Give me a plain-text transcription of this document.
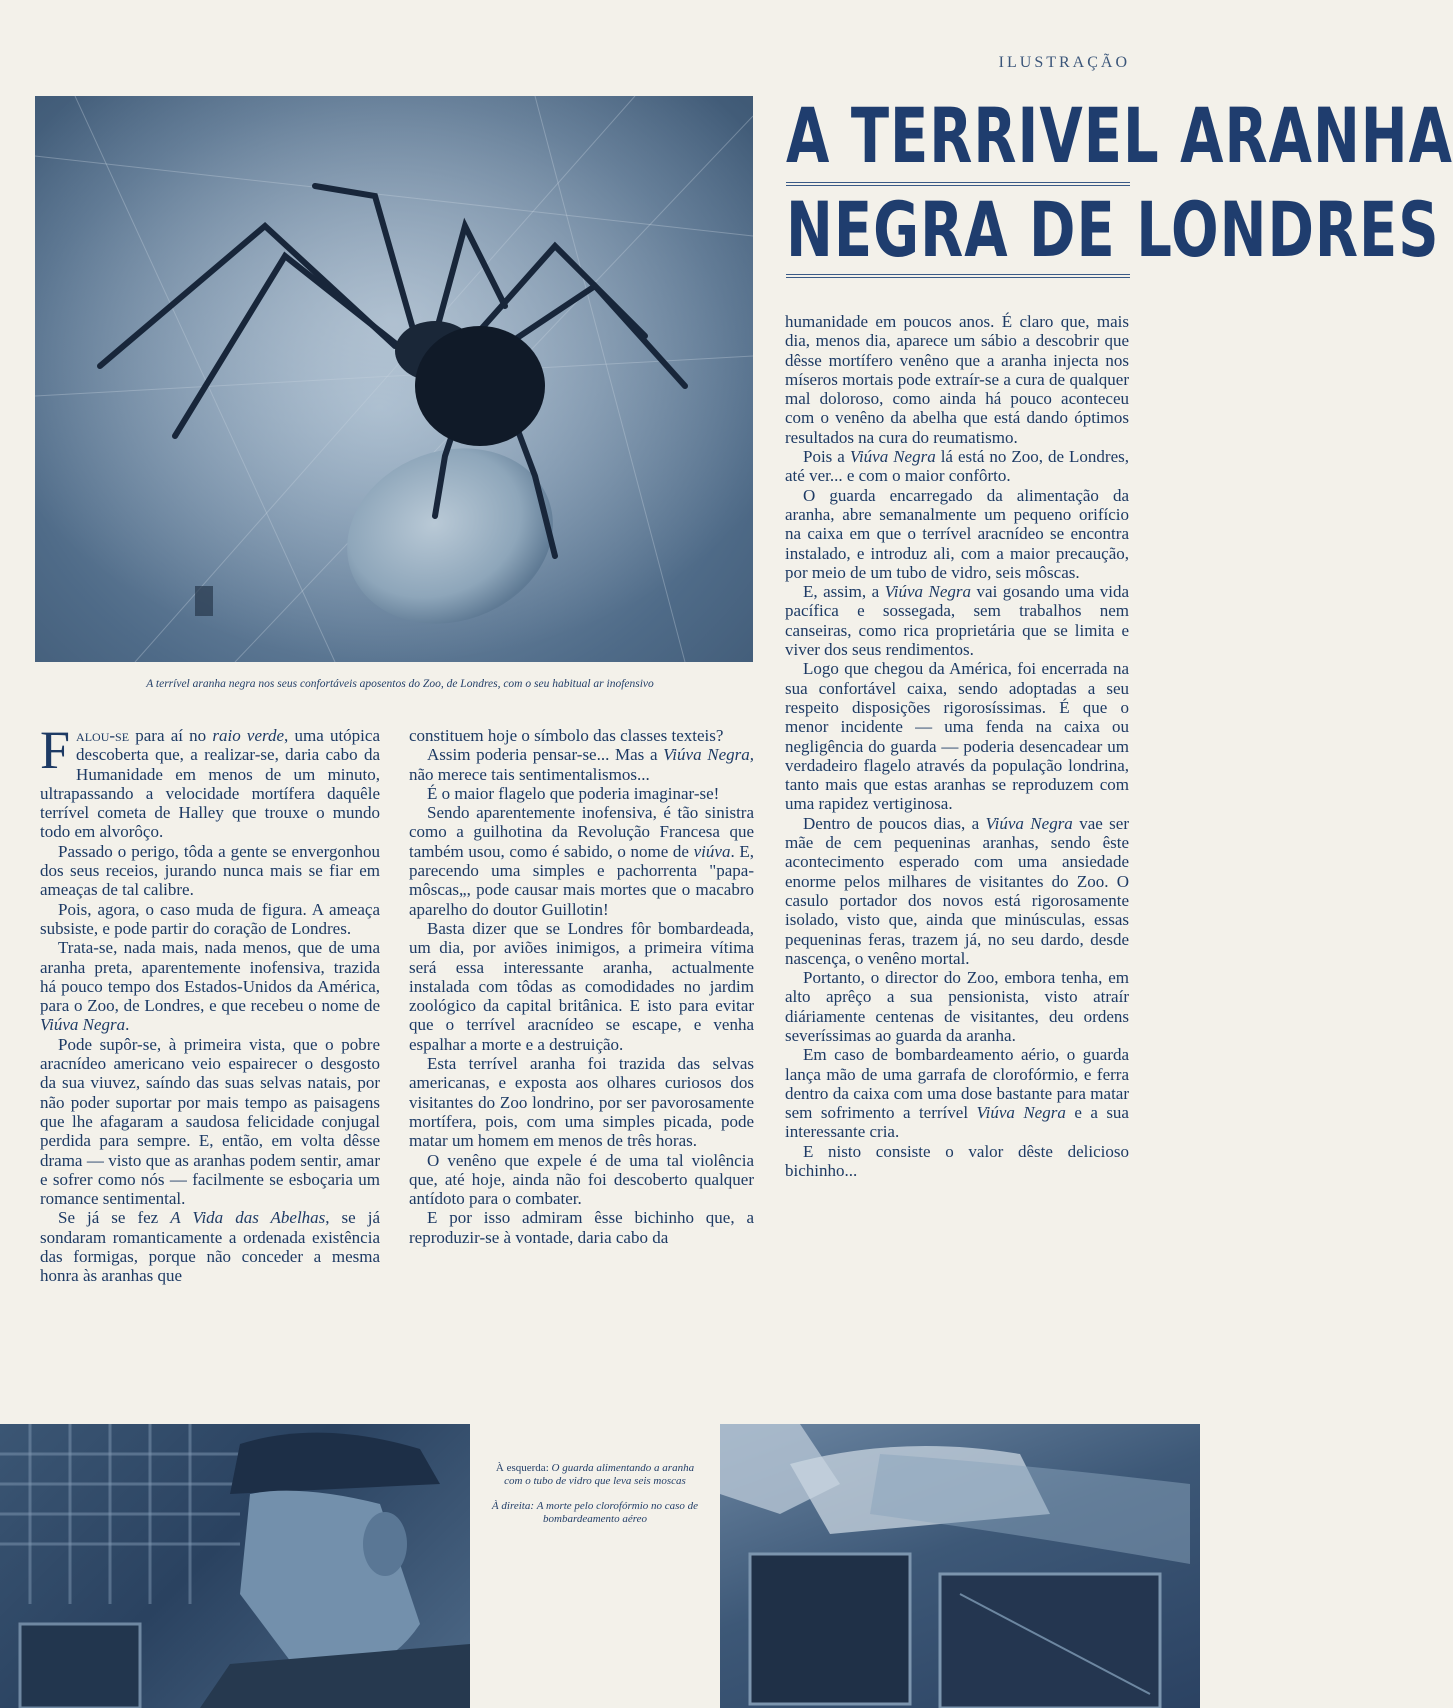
ILUSTRAÇÃO
A terrível aranha negra nos seus confortáveis aposentos do Zoo, de Londres, com o seu habitual ar inofensivo
A TERRIVEL ARANHA
NEGRA DE LONDRES

Falou-se para aí no raio verde, uma utópica descoberta que, a realizar-se, daria cabo da Humanidade em menos de um minuto, ultrapassando a velocidade mortífera daquêle terrível cometa de Halley que trouxe o mundo todo em alvorôço.

Passado o perigo, tôda a gente se envergonhou dos seus receios, jurando nunca mais se fiar em ameaças de tal calibre.

Pois, agora, o caso muda de figura. A ameaça subsiste, e pode partir do coração de Londres.

Trata-se, nada mais, nada menos, que de uma aranha preta, aparentemente inofensiva, trazida há pouco tempo dos Estados-Unidos da América, para o Zoo, de Londres, e que recebeu o nome de Viúva Negra.

Pode supôr-se, à primeira vista, que o pobre aracnídeo americano veio espairecer o desgosto da sua viuvez, saíndo das suas selvas natais, por não poder suportar por mais tempo as paisagens que lhe afagaram a saudosa felicidade conjugal perdida para sempre. E, então, em volta dêsse drama — visto que as aranhas podem sentir, amar e sofrer como nós — facilmente se esboçaria um romance sentimental.

Se já se fez A Vida das Abelhas, se já sondaram romanticamente a ordenada existência das formigas, porque não conceder a mesma honra às aranhas que

constituem hoje o símbolo das classes texteis?

Assim poderia pensar-se... Mas a Viúva Negra, não merece tais sentimentalismos...

É o maior flagelo que poderia imaginar-se!

Sendo aparentemente inofensiva, é tão sinistra como a guilhotina da Revolução Francesa que também usou, como é sabido, o nome de viúva. E, parecendo uma simples e pachorrenta "papa-môscas„, pode causar mais mortes que o macabro aparelho do doutor Guillotin!

Basta dizer que se Londres fôr bombardeada, um dia, por aviões inimigos, a primeira vítima será essa interessante aranha, actualmente instalada com tôdas as comodidades no jardim zoológico da capital britânica. E isto para evitar que o terrível aracnídeo se escape, e venha espalhar a morte e a destruição.

Esta terrível aranha foi trazida das selvas americanas, e exposta aos olhares curiosos dos visitantes do Zoo londrino, por ser pavorosamente mortífera, pois, com uma simples picada, pode matar um homem em menos de três horas.

O venêno que expele é de uma tal violência que, até hoje, ainda não foi descoberto qualquer antídoto para o combater.

E por isso admiram êsse bichinho que, a reproduzir-se à vontade, daria cabo da

humanidade em poucos anos. É claro que, mais dia, menos dia, aparece um sábio a descobrir que dêsse mortífero venêno que a aranha injecta nos míseros mortais pode extraír-se a cura de qualquer mal doloroso, como ainda há pouco aconteceu com o venêno da abelha que está dando óptimos resultados na cura do reumatismo.

Pois a Viúva Negra lá está no Zoo, de Londres, até ver... e com o maior confôrto.

O guarda encarregado da alimentação da aranha, abre semanalmente um pequeno orifício na caixa em que o terrível aracnídeo se encontra instalado, e introduz ali, com a maior precaução, por meio de um tubo de vidro, seis môscas.

E, assim, a Viúva Negra vai gosando uma vida pacífica e sossegada, sem trabalhos nem canseiras, como rica proprietária que se limita e viver dos seus rendimentos.

Logo que chegou da América, foi encerrada na sua confortável caixa, sendo adoptadas a seu respeito disposições rigorosíssimas. É que o menor incidente — uma fenda na caixa ou negligência do guarda — poderia desencadear um verdadeiro flagelo através da população londrina, tanto mais que estas aranhas se reproduzem com uma rapidez vertiginosa.

Dentro de poucos dias, a Viúva Negra vae ser mãe de cem pequeninas aranhas, sendo êste acontecimento esperado com uma ansiedade enorme pelos milhares de visitantes do Zoo. O casulo portador dos novos está rigorosamente isolado, visto que, ainda que minúsculas, essas pequeninas feras, trazem já, no seu dardo, desde nascença, o venêno mortal.

Portanto, o director do Zoo, embora tenha, em alto aprêço a sua pensionista, visto atraír diáriamente centenas de visitantes, deu ordens severíssimas ao guarda da aranha.

Em caso de bombardeamento aério, o guarda lança mão de uma garrafa de clorofórmio, e ferra dentro da caixa com uma dose bastante para matar sem sofrimento a terrível Viúva Negra e a sua interessante cria.

E nisto consiste o valor dêste delicioso bichinho...

À esquerda: O guarda alimentando a aranha com o tubo de vidro que leva seis moscas

À direita: A morte pelo clorofórmio no caso de bombardeamento aéreo
